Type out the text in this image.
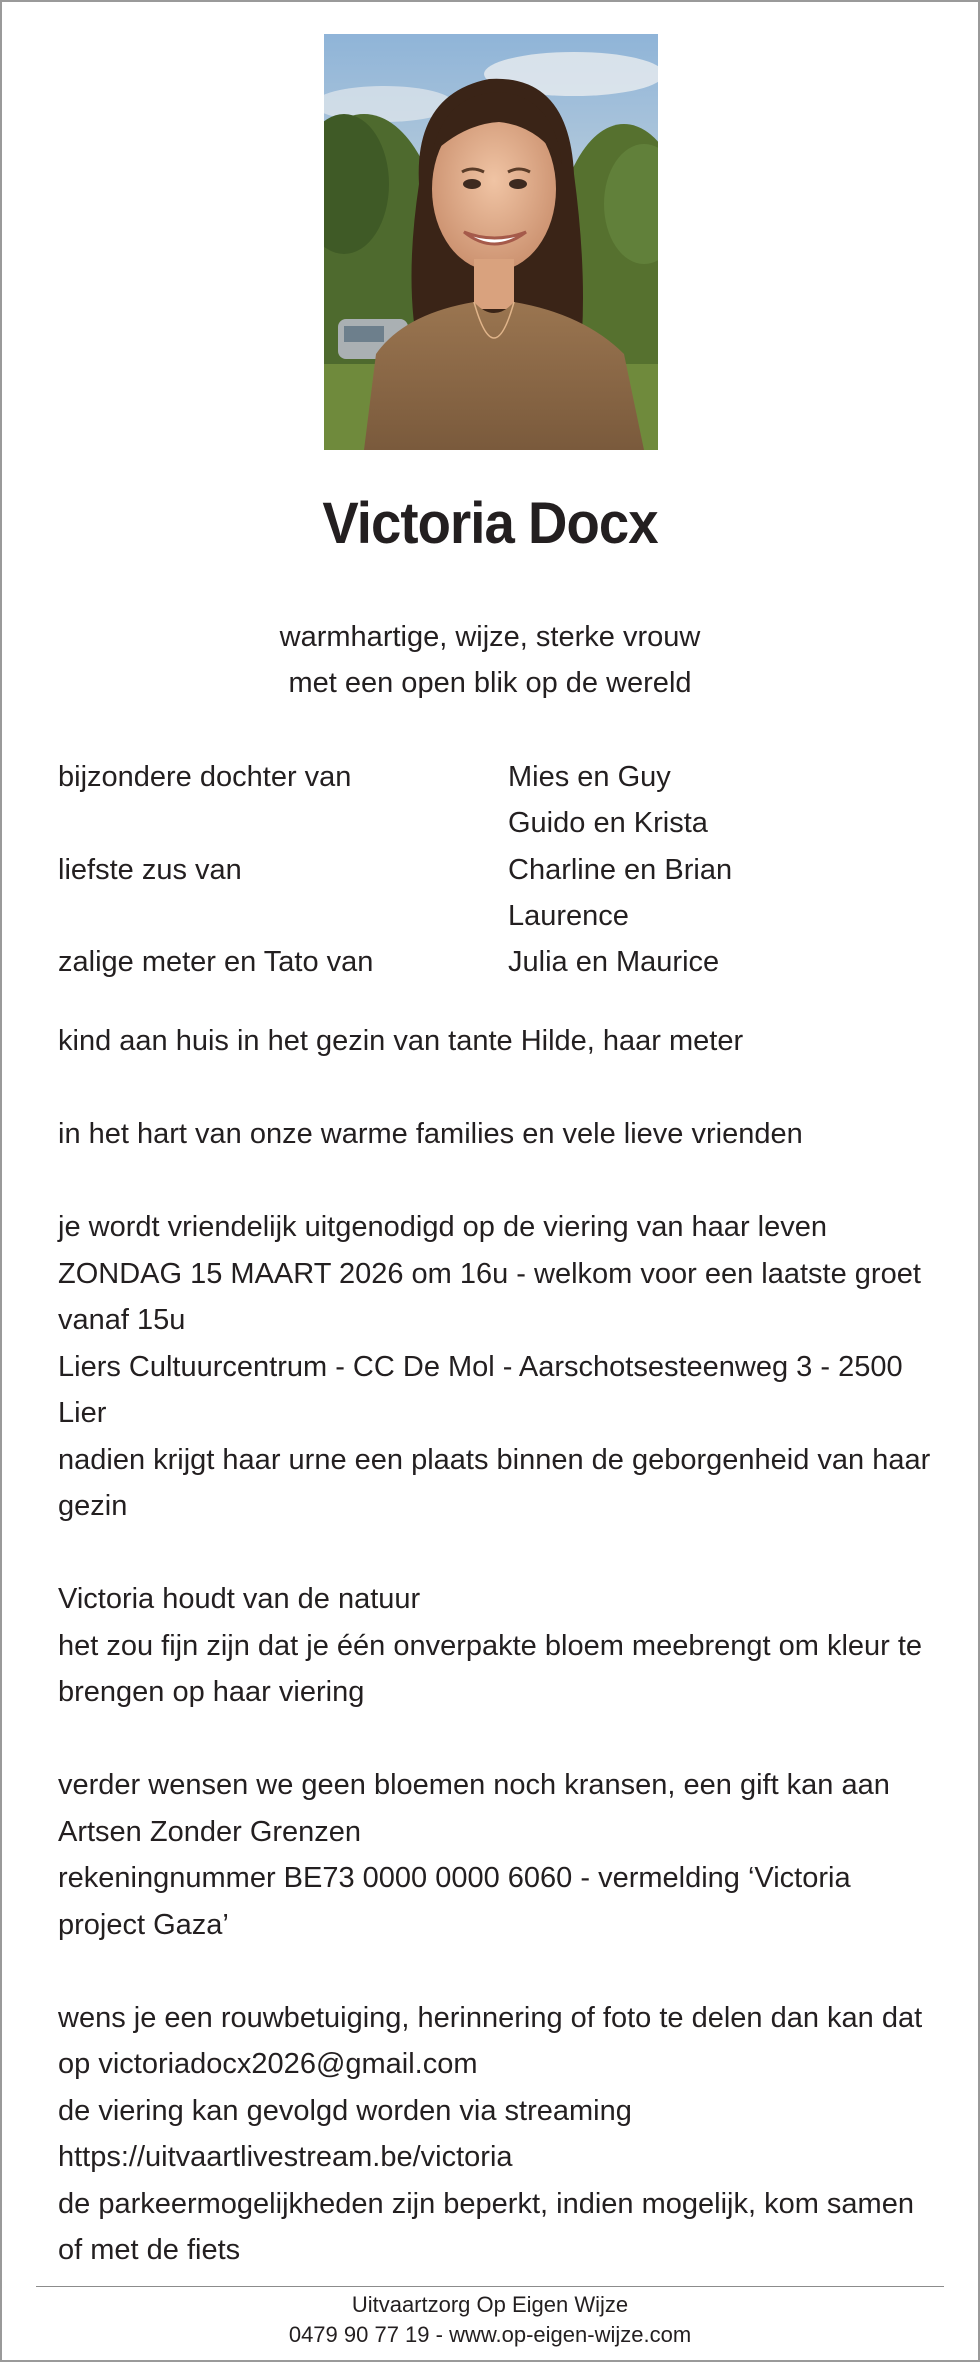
Victoria Docx
warmhartige, wijze, sterke vrouw
met een open blik op de wereld
bijzondere dochter van	Mies en Guy
Guido en Krista
liefste zus van	Charline en Brian
Laurence
zalige meter en Tato van	Julia en Maurice

kind aan huis in het gezin van tante Hilde, haar meter

in het hart van onze warme families en vele lieve vrienden

je wordt vriendelijk uitgenodigd op de viering van haar leven

ZONDAG 15 MAART 2026 om 16u - welkom voor een laatste groet vanaf 15u

Liers Cultuurcentrum - CC De Mol - Aarschotsesteenweg 3 - 2500 Lier

nadien krijgt haar urne een plaats binnen de geborgenheid van haar gezin

Victoria houdt van de natuur

het zou fijn zijn dat je één onverpakte bloem meebrengt om kleur te brengen op haar viering

verder wensen we geen bloemen noch kransen, een gift kan aan Artsen Zonder Grenzen

rekeningnummer BE73 0000 0000 6060 - vermelding ‘Victoria project Gaza’

wens je een rouwbetuiging, herinnering of foto te delen dan kan dat op victoriadocx2026@gmail.com

de viering kan gevolgd worden via streaming https://uitvaartlivestream.be/victoria

de parkeermogelijkheden zijn beperkt, indien mogelijk, kom samen of met de fiets

Uitvaartzorg Op Eigen Wijze
0479 90 77 19 - www.op-eigen-wijze.com
